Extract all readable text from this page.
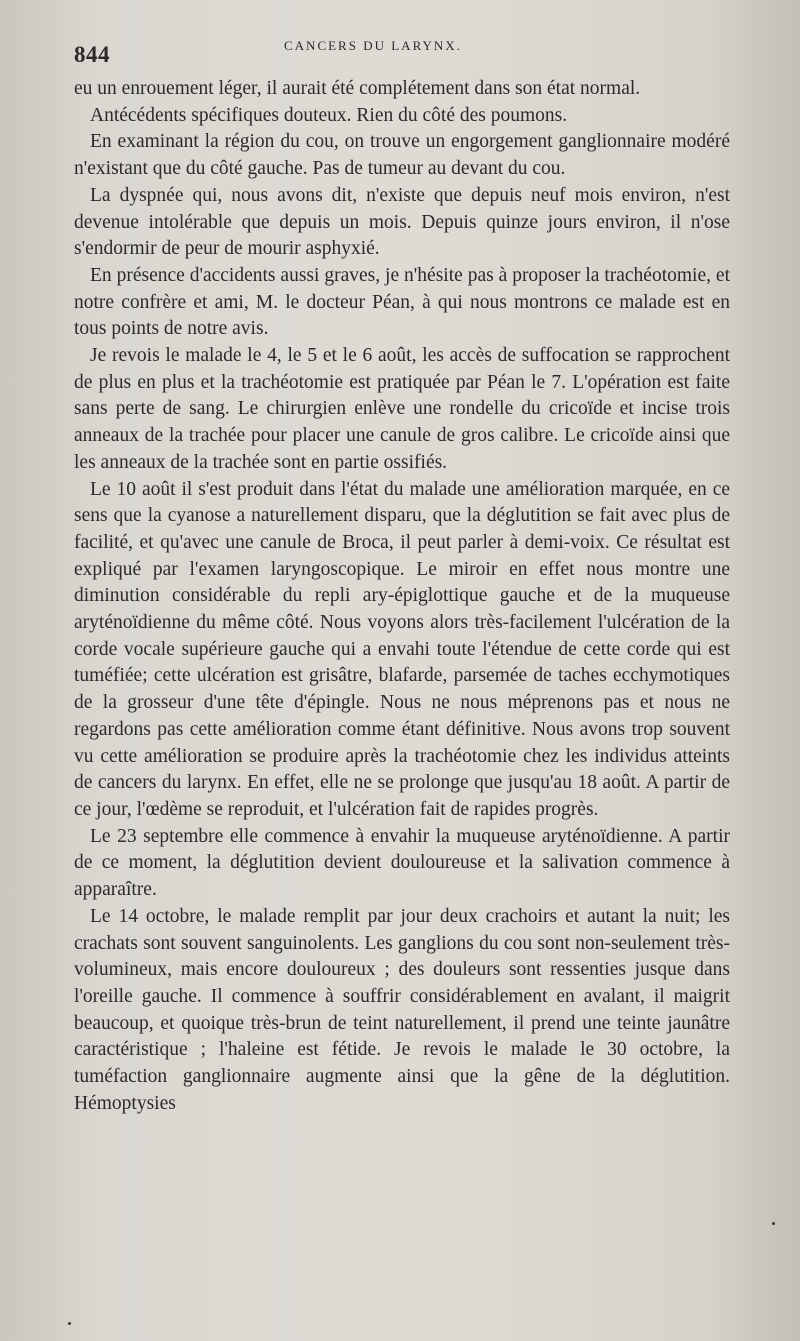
844	CANCERS DU LARYNX.

eu un enrouement léger, il aurait été complétement dans son état normal.

Antécédents spécifiques douteux. Rien du côté des poumons.

En examinant la région du cou, on trouve un engorgement ganglionnaire modéré n'existant que du côté gauche. Pas de tumeur au devant du cou.

La dyspnée qui, nous avons dit, n'existe que depuis neuf mois environ, n'est devenue intolérable que depuis un mois. Depuis quinze jours environ, il n'ose s'endormir de peur de mourir asphyxié.

En présence d'accidents aussi graves, je n'hésite pas à proposer la trachéotomie, et notre confrère et ami, M. le docteur Péan, à qui nous montrons ce malade est en tous points de notre avis.

Je revois le malade le 4, le 5 et le 6 août, les accès de suffocation se rapprochent de plus en plus et la trachéotomie est pratiquée par Péan le 7. L'opération est faite sans perte de sang. Le chirurgien enlève une rondelle du cricoïde et incise trois anneaux de la trachée pour placer une canule de gros calibre. Le cricoïde ainsi que les anneaux de la trachée sont en partie ossifiés.

Le 10 août il s'est produit dans l'état du malade une amélioration marquée, en ce sens que la cyanose a naturellement disparu, que la déglutition se fait avec plus de facilité, et qu'avec une canule de Broca, il peut parler à demi-voix. Ce résultat est expliqué par l'examen laryngoscopique. Le miroir en effet nous montre une diminution considérable du repli ary-épiglottique gauche et de la muqueuse aryténoïdienne du même côté. Nous voyons alors très-facilement l'ulcération de la corde vocale supérieure gauche qui a envahi toute l'étendue de cette corde qui est tuméfiée; cette ulcération est grisâtre, blafarde, parsemée de taches ecchymotiques de la grosseur d'une tête d'épingle. Nous ne nous méprenons pas et nous ne regardons pas cette amélioration comme étant définitive. Nous avons trop souvent vu cette amélioration se produire après la trachéotomie chez les individus atteints de cancers du larynx. En effet, elle ne se prolonge que jusqu'au 18 août. A partir de ce jour, l'œdème se reproduit, et l'ulcération fait de rapides progrès.

Le 23 septembre elle commence à envahir la muqueuse aryténoïdienne. A partir de ce moment, la déglutition devient douloureuse et la salivation commence à apparaître.

Le 14 octobre, le malade remplit par jour deux crachoirs et autant la nuit; les crachats sont souvent sanguinolents. Les ganglions du cou sont non-seulement très-volumineux, mais encore douloureux ; des douleurs sont ressenties jusque dans l'oreille gauche. Il commence à souffrir considérablement en avalant, il maigrit beaucoup, et quoique très-brun de teint naturellement, il prend une teinte jaunâtre caractéristique ; l'haleine est fétide. Je revois le malade le 30 octobre, la tuméfaction ganglionnaire augmente ainsi que la gêne de la déglutition. Hémoptysies
